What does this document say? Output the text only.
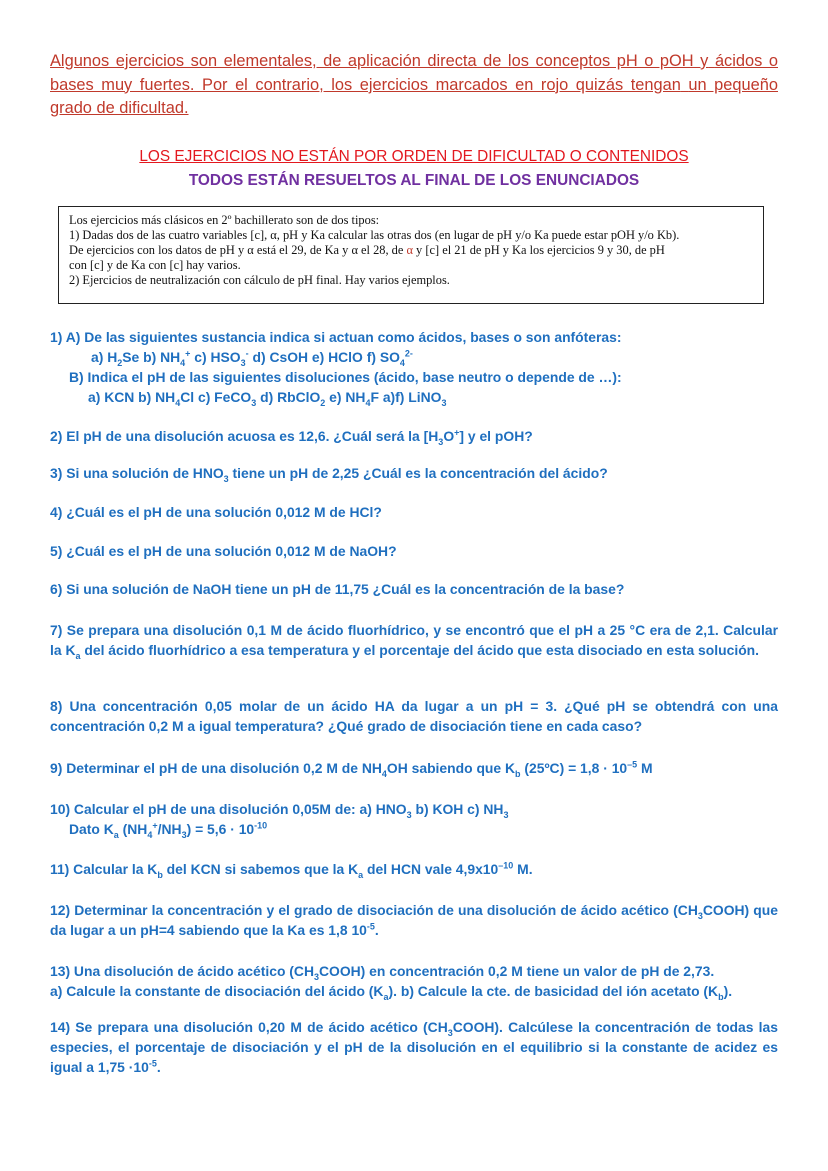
Algunos ejercicios son elementales, de aplicación directa de los conceptos pH o pOH y ácidos o bases muy fuertes. Por el contrario, los ejercicios marcados en rojo quizás tengan un pequeño grado de dificultad.

LOS EJERCICIOS NO ESTÁN POR ORDEN DE DIFICULTAD O CONTENIDOS

TODOS ESTÁN RESUELTOS AL FINAL DE LOS ENUNCIADOS

Los ejercicios más clásicos en 2º bachillerato son de dos tipos:
1) Dadas dos de las cuatro variables [c], α, pH y Ka calcular las otras dos (en lugar de pH y/o Ka puede estar pOH y/o Kb).
De ejercicios con los datos de pH y α está el 29, de Ka y α el 28, de α y [c] el 21 de pH y Ka los ejercicios 9 y 30, de pH
con [c] y de Ka con [c] hay varios.
2) Ejercicios de neutralización con cálculo de pH final. Hay varios ejemplos.
1) A) De las siguientes sustancia indica si actuan como ácidos, bases o son anfóteras:
a) $H_2Se$ b) $NH_4^+$ c) $HSO_3^-$ d) CsOH e) HClO f) $SO_4^{2-}$
B) Indica el pH de las siguientes disoluciones (ácido, base neutro o depende de …):
a) KCN b) $NH_4Cl$ c) FeCO$_3$ d) RbClO$_2$ e) $NH_4F$ a)f) LiNO$_3$

2) El pH de una disolución acuosa es 12,6. ¿Cuál será la $[H_3O^+]$ y el pOH?

3) Si una solución de $HNO_3$ tiene un pH de 2,25 ¿Cuál es la concentración del ácido?

4) ¿Cuál es el pH de una solución 0,012 M de HCl?

5) ¿Cuál es el pH de una solución 0,012 M de NaOH?

6) Si una solución de NaOH tiene un pH de 11,75 ¿Cuál es la concentración de la base?

7) Se prepara una disolución 0,1 M de ácido fluorhídrico, y se encontró que el pH a 25 °C era de 2,1. Calcular la $K_a$ del ácido fluorhídrico a esa temperatura y el porcentaje del ácido que esta disociado en esta solución.

8) Una concentración 0,05 molar de un ácido HA da lugar a un pH = 3. ¿Qué pH se obtendrá con una concentración 0,2 M a igual temperatura? ¿Qué grado de disociación tiene en cada caso?

9) Determinar el pH de una disolución 0,2 M de $NH_4OH$ sabiendo que $K_b$ (25ºC) = $1,8 \cdot 10^{-5}$ M

10) Calcular el pH de una disolución 0,05M de: a) $HNO_3$ b) KOH c) $NH_3$
Dato $K_a$ $(NH_4^+/NH_3) = 5,6 \cdot 10^{-10}$

11) Calcular la $K_b$ del KCN si sabemos que la $K_a$ del HCN vale $4,9x10^{-10}$ M.

12) Determinar la concentración y el grado de disociación de una disolución de ácido acético $(CH_3COOH)$ que da lugar a un pH=4 sabiendo que la Ka es 1,8 $10^{-5}$.

13) Una disolución de ácido acético $(CH_3COOH)$ en concentración 0,2 M tiene un valor de pH de 2,73.
a) Calcule la constante de disociación del ácido $(K_a)$. b) Calcule la cte. de basicidad del ión acetato $(K_b)$.

14) Se prepara una disolución 0,20 M de ácido acético $(CH_3COOH)$. Calcúlese la concentración de todas las especies, el porcentaje de disociación y el pH de la disolución en el equilibrio si la constante de acidez es igual a $1,75 \cdot 10^{-5}$.
